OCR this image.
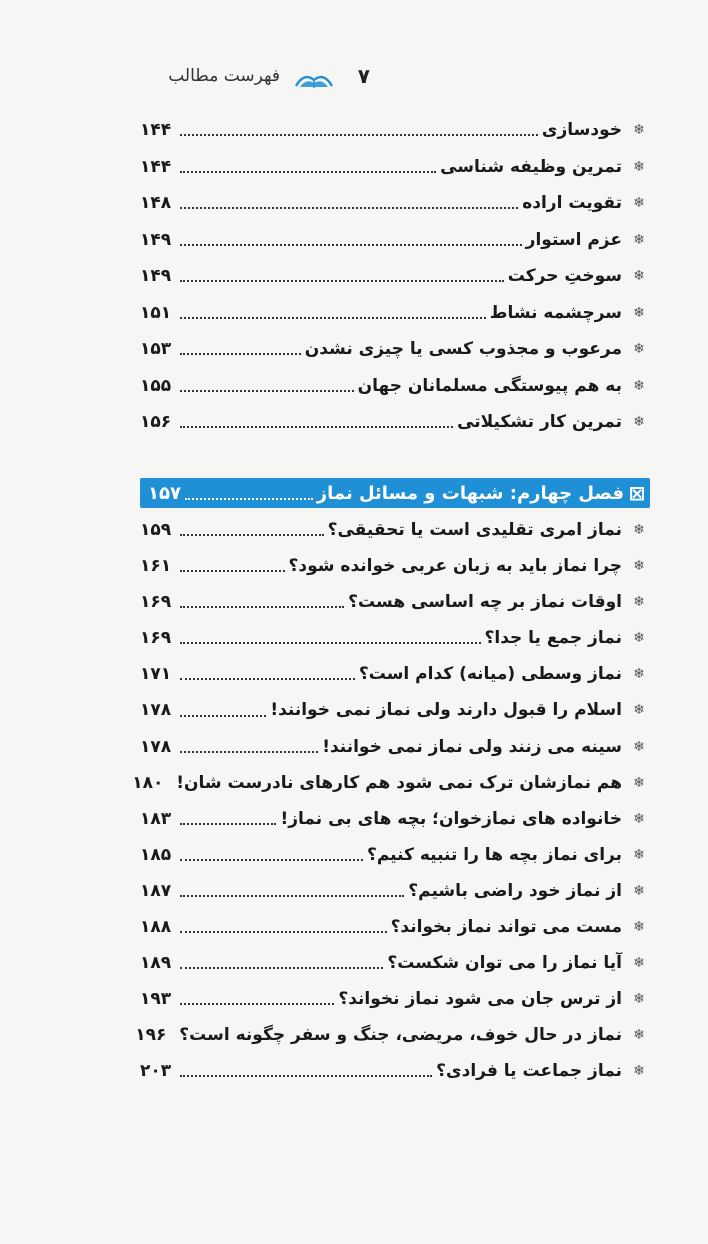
فهرست مطالب	۷
❄
خودسازی
۱۴۴
❄
تمرین وظیفه شناسی
۱۴۴
❄
تقویت اراده
۱۴۸
❄
عزم استوار
۱۴۹
❄
سوختِ حرکت
۱۴۹
❄
سرچشمه نشاط
۱۵۱
❄
مرعوب و مجذوب کسی یا چیزی نشدن
۱۵۳
❄
به هم پیوستگی مسلمانان جهان
۱۵۵
❄
تمرین کار تشکیلاتی
۱۵۶
⊠
فصل چهارم: شبهات و مسائل نماز
۱۵۷
❄
نماز امری تقلیدی است یا تحقیقی؟
۱۵۹
❄
چرا نماز باید به زبان عربی خوانده شود؟
۱۶۱
❄
اوقات نماز بر چه اساسی هست؟
۱۶۹
❄
نماز جمع یا جدا؟
۱۶۹
❄
نماز وسطی (میانه) کدام است؟
۱۷۱
❄
اسلام را قبول دارند ولی نماز نمی خوانند!
۱۷۸
❄
سینه می زنند ولی نماز نمی خوانند!
۱۷۸
❄
هم نمازشان ترک نمی شود هم کارهای نادرست شان!
۱۸۰
❄
خانواده های نمازخوان؛ بچه های بی نماز!
۱۸۳
❄
برای نماز بچه ها را تنبیه کنیم؟
۱۸۵
❄
از نماز خود راضی باشیم؟
۱۸۷
❄
مست می تواند نماز بخواند؟
۱۸۸
❄
آیا نماز را می توان شکست؟
۱۸۹
❄
از ترس جان می شود نماز نخواند؟
۱۹۳
❄
نماز در حال خوف، مریضی، جنگ و سفر چگونه است؟
۱۹۶
❄
نماز جماعت یا فرادی؟
۲۰۳
